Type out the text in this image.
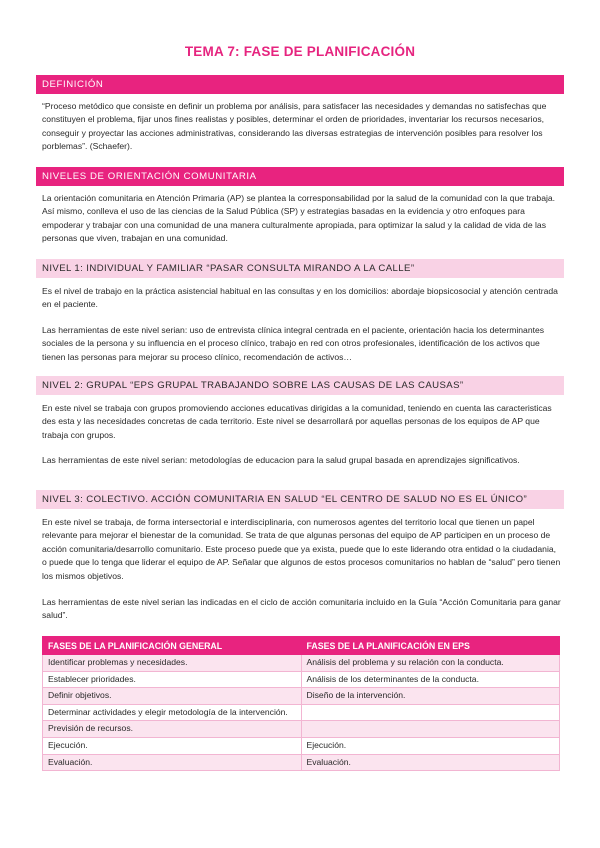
TEMA 7: FASE DE PLANIFICACIÓN
DEFINICIÓN

“Proceso metódico que consiste en definir un problema por análisis, para satisfacer las necesidades y demandas no satisfechas que constituyen el problema, fijar unos fines realistas y posibles, determinar el orden de prioridades, inventariar los recursos necesarios, conseguir y proyectar las acciones administrativas, considerando las diversas estrategias de intervención posibles para resolver los porblemas”. (Schaefer).

NIVELES DE ORIENTACIÓN COMUNITARIA

La orientación comunitaria en Atención Primaria (AP) se plantea la corresponsabilidad por la salud de la comunidad con la que trabaja. Así mismo, conlleva el uso de las ciencias de la Salud Pública (SP) y estrategias basadas en la evidencia y otro enfoques para empoderar y trabajar con una comunidad de una manera culturalmente apropiada, para optimizar la salud y la calidad de vida de las personas que viven, trabajan en una comunidad.

NIVEL 1: INDIVIDUAL Y FAMILIAR “PASAR CONSULTA MIRANDO A LA CALLE”

Es el nivel de trabajo en la práctica asistencial habitual en las consultas y en los domicilios: abordaje biopsicosocial y atención centrada en el paciente.

Las herramientas de este nivel serian: uso de entrevista clínica integral centrada en el paciente, orientación hacia los determinantes sociales de la persona y su influencia en el proceso clínico, trabajo en red con otros profesionales, identificación de los activos que tienen las personas para mejorar su proceso clínico, recomendación de activos…

NIVEL 2: GRUPAL “EPS GRUPAL TRABAJANDO SOBRE LAS CAUSAS DE LAS CAUSAS”

En este nivel se trabaja con grupos promoviendo acciones educativas dirigidas a la comunidad, teniendo en cuenta las caracteristicas des esta y las necesidades concretas de cada territorio. Este nivel se desarrollará por aquellas personas de los equipos de AP que trabaja con grupos.

Las herramientas de este nivel serian: metodologías de educacion para la salud grupal basada en aprendizajes significativos.

NIVEL 3: COLECTIVO. ACCIÓN COMUNITARIA EN SALUD “EL CENTRO DE SALUD NO ES EL ÚNICO”

En este nivel se trabaja, de forma intersectorial e interdisciplinaria, con numerosos agentes del territorio local que tienen un papel relevante para mejorar el bienestar de la comunidad. Se trata de que algunas personas del equipo de AP participen en un proceso de acción comunitaria/desarrollo comunitario. Este proceso puede que ya exista, puede que lo este liderando otra entidad o la ciudadania, o puede que lo tenga que liderar el equipo de AP. Señalar que algunos de estos procesos comunitarios no hablan de “salud” pero tienen los mismos objetivos.

Las herramientas de este nivel serian las indicadas en el ciclo de acción comunitaria incluido en la Guía “Acción Comunitaria para ganar salud”.

FASES DE LA PLANIFICACIÓN GENERAL	FASES DE LA PLANIFICACIÓN EN EPS
Identificar problemas y necesidades.	Análisis del problema y su relación con la conducta.
Establecer prioridades.	Análisis de los determinantes de la conducta.
Definir objetivos.	Diseño de la intervención.
Determinar actividades y elegir metodología de la intervención.	
Previsión de recursos.	
Ejecución.	Ejecución.
Evaluación.	Evaluación.
